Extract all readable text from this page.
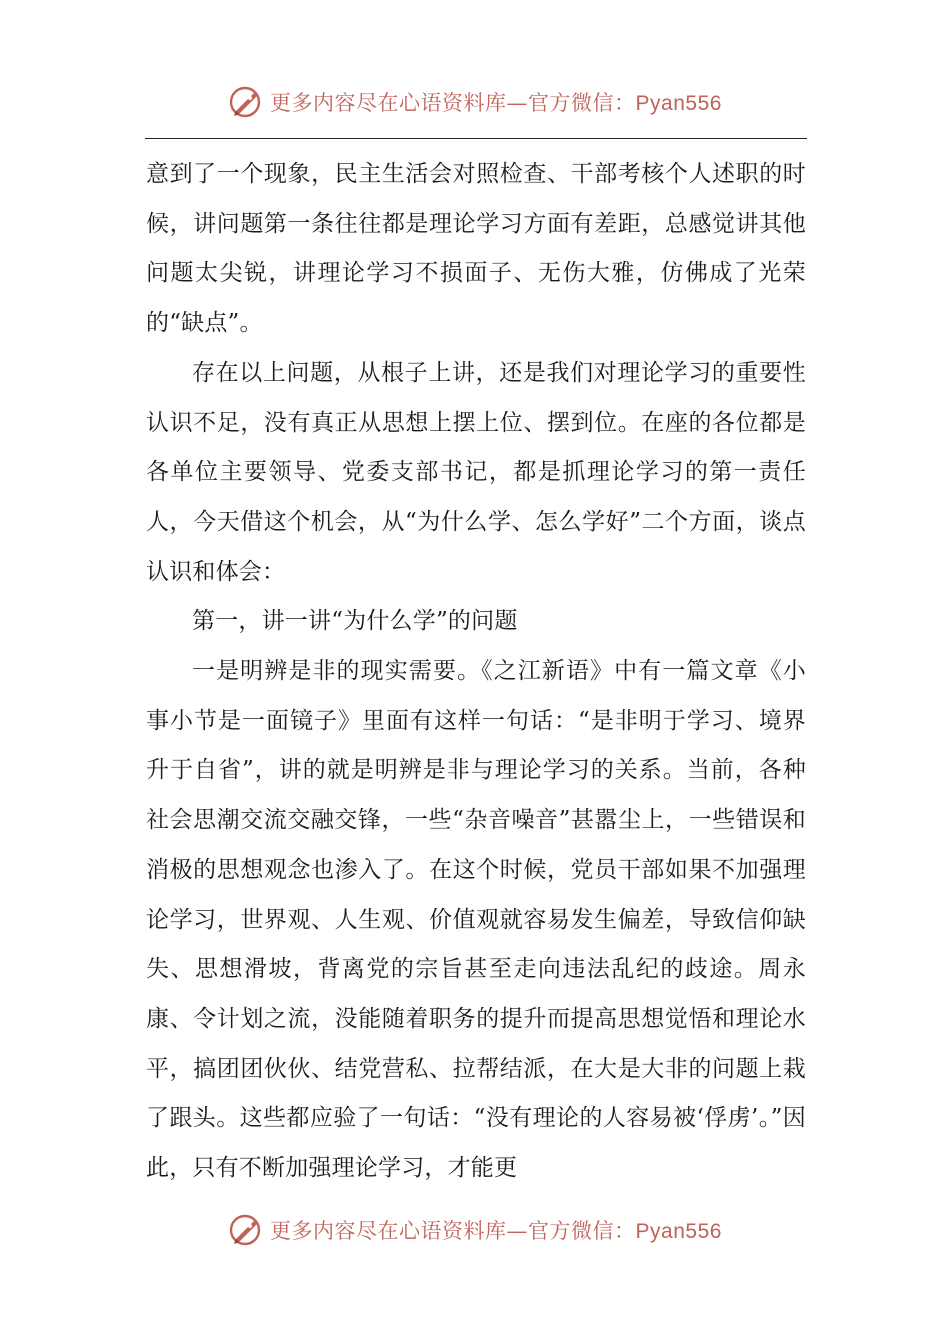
更多内容尽在心语资料库—官方微信：Pyan556

意到了一个现象，民主生活会对照检查、干部考核个人述职的时候，讲问题第一条往往都是理论学习方面有差距，总感觉讲其他问题太尖锐，讲理论学习不损面子、无伤大雅，仿佛成了光荣的“缺点”。

存在以上问题，从根子上讲，还是我们对理论学习的重要性认识不足，没有真正从思想上摆上位、摆到位。在座的各位都是各单位主要领导、党委支部书记，都是抓理论学习的第一责任人，今天借这个机会，从“为什么学、怎么学好”二个方面，谈点认识和体会：

第一，讲一讲“为什么学”的问题

一是明辨是非的现实需要。《之江新语》中有一篇文章《小事小节是一面镜子》里面有这样一句话：“是非明于学习、境界升于自省”，讲的就是明辨是非与理论学习的关系。当前，各种社会思潮交流交融交锋，一些“杂音噪音”甚嚣尘上，一些错误和消极的思想观念也渗入了。在这个时候，党员干部如果不加强理论学习，世界观、人生观、价值观就容易发生偏差，导致信仰缺失、思想滑坡，背离党的宗旨甚至走向违法乱纪的歧途。周永康、令计划之流，没能随着职务的提升而提高思想觉悟和理论水平，搞团团伙伙、结党营私、拉帮结派，在大是大非的问题上栽了跟头。这些都应验了一句话：“没有理论的人容易被‘俘虏’。”因此，只有不断加强理论学习，才能更

更多内容尽在心语资料库—官方微信：Pyan556
